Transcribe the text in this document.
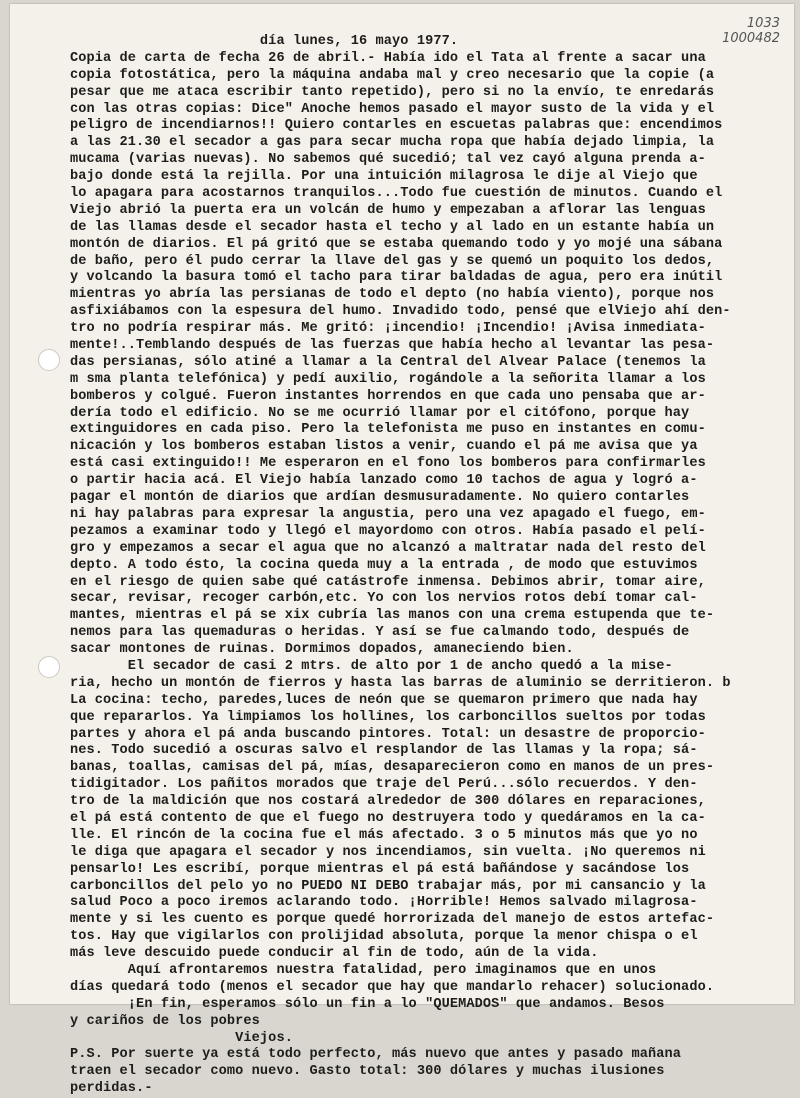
1033
1000482
día lunes, 16 mayo 1977.
Copia de carta de fecha 26 de abril.- Había ido el Tata al frente a sacar una
copia fotostática, pero la máquina andaba mal y creo necesario que la copie (a
pesar que me ataca escribir tanto repetido), pero si no la envío, te enredarás
con las otras copias: Dice" Anoche hemos pasado el mayor susto de la vida y el
peligro de incendiarnos!! Quiero contarles en escuetas palabras que: encendimos
a las 21.30 el secador a gas para secar mucha ropa que había dejado limpia, la
mucama (varias nuevas). No sabemos qué sucedió; tal vez cayó alguna prenda a-
bajo donde está la rejilla. Por una intuición milagrosa le dije al Viejo que
lo apagara para acostarnos tranquilos...Todo fue cuestión de minutos. Cuando el
Viejo abrió la puerta era un volcán de humo y empezaban a aflorar las lenguas
de las llamas desde el secador hasta el techo y al lado en un estante había un
montón de diarios. El pá gritó que se estaba quemando todo y yo mojé una sábana
de baño, pero él pudo cerrar la llave del gas y se quemó un poquito los dedos,
y volcando la basura tomó el tacho para tirar baldadas de agua, pero era inútil
mientras yo abría las persianas de todo el depto (no había viento), porque nos
asfixiábamos con la espesura del humo. Invadido todo, pensé que elViejo ahí den-
tro no podría respirar más. Me gritó: ¡incendio! ¡Incendio! ¡Avisa inmediata-
mente!..Temblando después de las fuerzas que había hecho al levantar las pesa-
das persianas, sólo atiné a llamar a la Central del Alvear Palace (tenemos la
m sma planta telefónica) y pedí auxilio, rogándole a la señorita llamar a los
bomberos y colgué. Fueron instantes horrendos en que cada uno pensaba que ar-
dería todo el edificio. No se me ocurrió llamar por el citófono, porque hay
extinguidores en cada piso. Pero la telefonista me puso en instantes en comu-
nicación y los bomberos estaban listos a venir, cuando el pá me avisa que ya
está casi extinguido!! Me esperaron en el fono los bomberos para confirmarles
o partir hacia acá. El Viejo había lanzado como 10 tachos de agua y logró a-
pagar el montón de diarios que ardían desmusuradamente. No quiero contarles
ni hay palabras para expresar la angustia, pero una vez apagado el fuego, em-
pezamos a examinar todo y llegó el mayordomo con otros. Había pasado el pelí-
gro y empezamos a secar el agua que no alcanzó a maltratar nada del resto del
depto. A todo ésto, la cocina queda muy a la entrada , de modo que estuvimos
en el riesgo de quien sabe qué catástrofe inmensa. Debimos abrir, tomar aire,
secar, revisar, recoger carbón,etc. Yo con los nervios rotos debí tomar cal-
mantes, mientras el pá se xix cubría las manos con una crema estupenda que te-
nemos para las quemaduras o heridas. Y así se fue calmando todo, después de
sacar montones de ruinas. Dormimos dopados, amaneciendo bien.
El secador de casi 2 mtrs. de alto por 1 de ancho quedó a la mise-
ria, hecho un montón de fierros y hasta las barras de aluminio se derritieron. b
La cocina: techo, paredes,luces de neón que se quemaron primero que nada hay
que repararlos. Ya limpiamos los hollines, los carboncillos sueltos por todas
partes y ahora el pá anda buscando pintores. Total: un desastre de proporcio-
nes. Todo sucedió a oscuras salvo el resplandor de las llamas y la ropa; sá-
banas, toallas, camisas del pá, mías, desaparecieron como en manos de un pres-
tidigitador. Los pañitos morados que traje del Perú...sólo recuerdos. Y den-
tro de la maldición que nos costará alrededor de 300 dólares en reparaciones,
el pá está contento de que el fuego no destruyera todo y quedáramos en la ca-
lle. El rincón de la cocina fue el más afectado. 3 o 5 minutos más que yo no
le diga que apagara el secador y nos incendiamos, sin vuelta. ¡No queremos ni
pensarlo! Les escribí, porque mientras el pá está bañándose y sacándose los
carboncillos del pelo yo no PUEDO NI DEBO trabajar más, por mi cansancio y la
salud Poco a poco iremos aclarando todo. ¡Horrible! Hemos salvado milagrosa-
mente y si les cuento es porque quedé horrorizada del manejo de estos artefac-
tos. Hay que vigilarlos con prolijidad absoluta, porque la menor chispa o el
más leve descuido puede conducir al fin de todo, aún de la vida.
Aquí afrontaremos nuestra fatalidad, pero imaginamos que en unos
días quedará todo (menos el secador que hay que mandarlo rehacer) solucionado.
¡En fin, esperamos sólo un fin a lo "QUEMADOS" que andamos. Besos
y cariños de los pobres
Viejos.
P.S. Por suerte ya está todo perfecto, más nuevo que antes y pasado mañana
traen el secador como nuevo. Gasto total: 300 dólares y muchas ilusiones
perdidas.-
